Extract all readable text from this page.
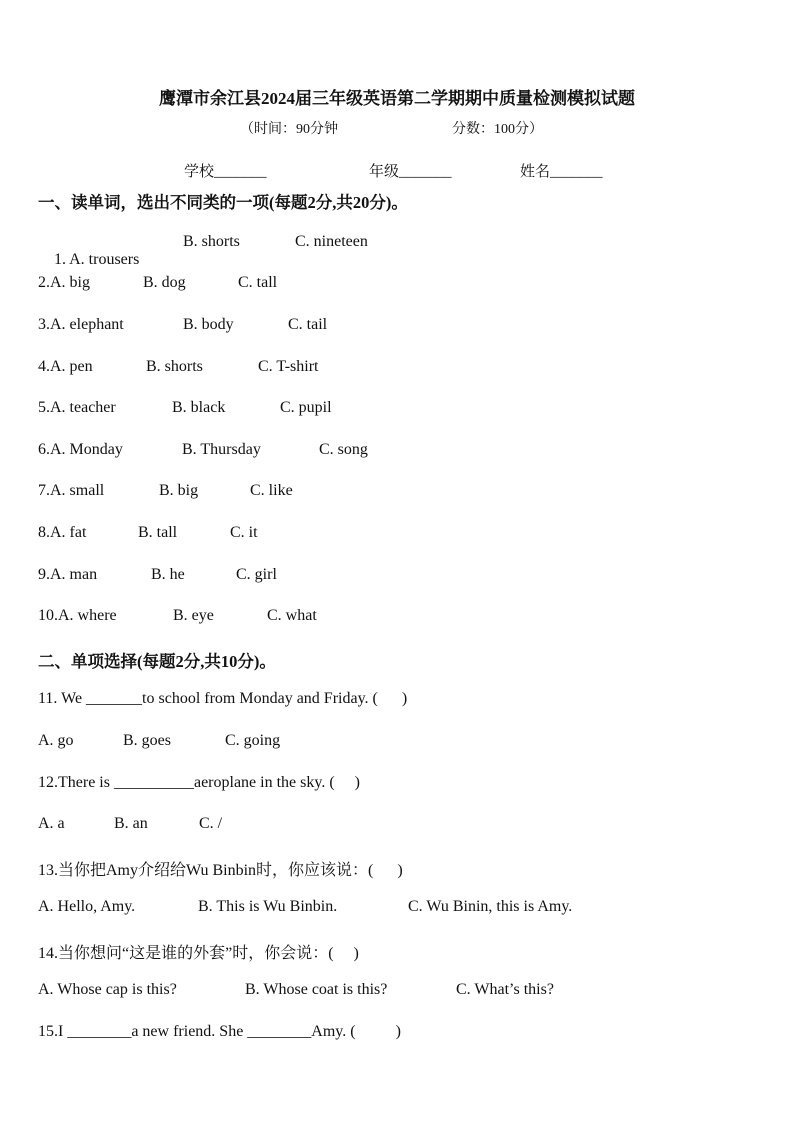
鹰潭市余江县2024届三年级英语第二学期期中质量检测模拟试题
（时间：90分钟	分数：100分）
学校_______	年级_______	姓名_______
一、读单词，选出不同类的一项(每题2分,共20分)。

1. A. trousers

B. shorts	C. nineteen
2.A. big	B. dog	C. tall
3.A. elephant	B. body	C. tail
4.A. pen	B. shorts	C. T-shirt
5.A. teacher	B. black	C. pupil
6.A. Monday	B. Thursday	C. song
7.A. small	B. big	C. like
8.A. fat	B. tall	C. it
9.A. man	B. he	C. girl
10.A. where	B. eye	C. what
二、单项选择(每题2分,共10分)。
11. We _______to school from Monday and Friday. (      )
A. go	B. goes	C. going
12.There is __________aeroplane in the sky. (     )
A. a	B. an	C. /
13.当你把Amy介绍给Wu Binbin时，你应该说：(      )
A. Hello, Amy.	B. This is Wu Binbin.	C. Wu Binin, this is Amy.
14.当你想问“这是谁的外套”时，你会说：(     )
A. Whose cap is this?	B. Whose coat is this?	C. What’s this?
15.I ________a new friend. She ________Amy. (          )
